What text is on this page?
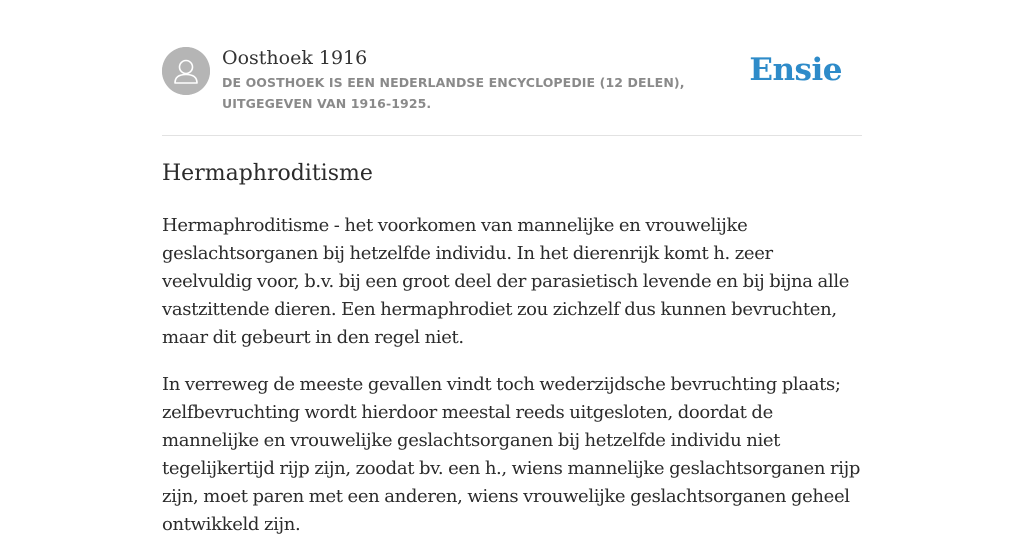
Oosthoek 1916
DE OOSTHOEK IS EEN NEDERLANDSE ENCYCLOPEDIE (12 DELEN), UITGEGEVEN VAN 1916-1925.
Ensie
Hermaphroditisme

Hermaphroditisme - het voorkomen van mannelijke en vrouwelijke geslachtsorganen bij hetzelfde individu. In het dierenrijk komt h. zeer veelvuldig voor, b.v. bij een groot deel der parasietisch levende en bij bijna alle vastzittende dieren. Een hermaphrodiet zou zichzelf dus kunnen bevruchten, maar dit gebeurt in den regel niet.

In verreweg de meeste gevallen vindt toch wederzijdsche bevruchting plaats; zelfbevruchting wordt hierdoor meestal reeds uitgesloten, doordat de mannelijke en vrouwelijke geslachtsorganen bij hetzelfde individu niet tegelijkertijd rijp zijn, zoodat bv. een h., wiens mannelijke geslachtsorganen rijp zijn, moet paren met een anderen, wiens vrouwelijke geslachtsorganen geheel ontwikkeld zijn.
